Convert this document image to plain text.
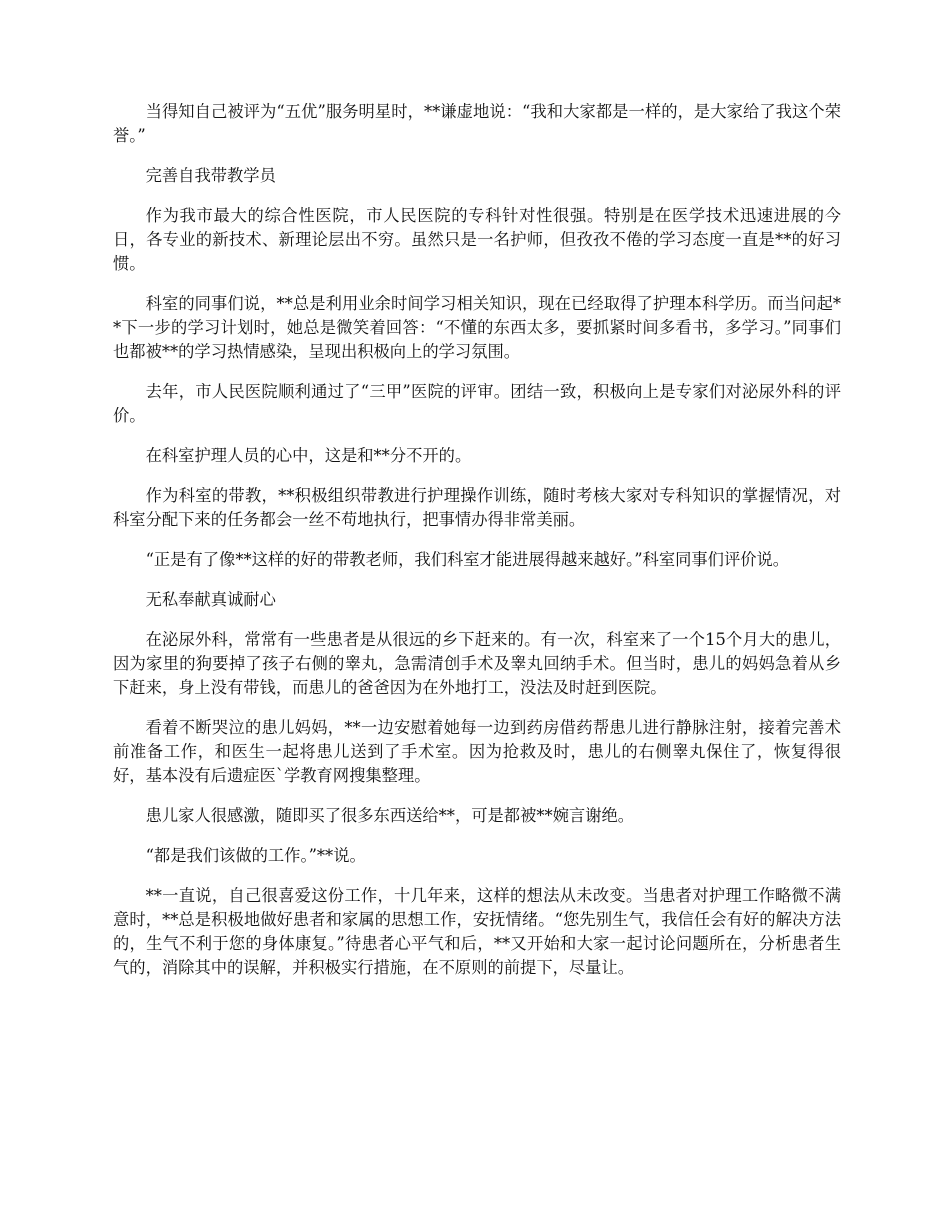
当得知自己被评为“五优”服务明星时，**谦虚地说：“我和大家都是一样的，是大家给了我这个荣誉。”

完善自我带教学员

作为我市最大的综合性医院，市人民医院的专科针对性很强。特别是在医学技术迅速进展的今日，各专业的新技术、新理论层出不穷。虽然只是一名护师，但孜孜不倦的学习态度一直是**的好习惯。

科室的同事们说，**总是利用业余时间学习相关知识，现在已经取得了护理本科学历。而当问起**下一步的学习计划时，她总是微笑着回答：“不懂的东西太多，要抓紧时间多看书，多学习。”同事们也都被**的学习热情感染，呈现出积极向上的学习氛围。

去年，市人民医院顺利通过了“三甲”医院的评审。团结一致，积极向上是专家们对泌尿外科的评价。

在科室护理人员的心中，这是和**分不开的。

作为科室的带教，**积极组织带教进行护理操作训练，随时考核大家对专科知识的掌握情况，对科室分配下来的任务都会一丝不苟地执行，把事情办得非常美丽。

“正是有了像**这样的好的带教老师，我们科室才能进展得越来越好。”科室同事们评价说。

无私奉献真诚耐心

在泌尿外科，常常有一些患者是从很远的乡下赶来的。有一次，科室来了一个15个月大的患儿，因为家里的狗要掉了孩子右侧的睾丸，急需清创手术及睾丸回纳手术。但当时，患儿的妈妈急着从乡下赶来，身上没有带钱，而患儿的爸爸因为在外地打工，没法及时赶到医院。

看着不断哭泣的患儿妈妈，**一边安慰着她每一边到药房借药帮患儿进行静脉注射，接着完善术前准备工作，和医生一起将患儿送到了手术室。因为抢救及时，患儿的右侧睾丸保住了，恢复得很好，基本没有后遗症医`学教育网搜集整理。

患儿家人很感激，随即买了很多东西送给**，可是都被**婉言谢绝。

“都是我们该做的工作。”**说。

**一直说，自己很喜爱这份工作，十几年来，这样的想法从未改变。当患者对护理工作略微不满意时，**总是积极地做好患者和家属的思想工作，安抚情绪。“您先别生气，我信任会有好的解决方法的，生气不利于您的身体康复。”待患者心平气和后，**又开始和大家一起讨论问题所在，分析患者生气的，消除其中的误解，并积极实行措施，在不原则的前提下，尽量让。
